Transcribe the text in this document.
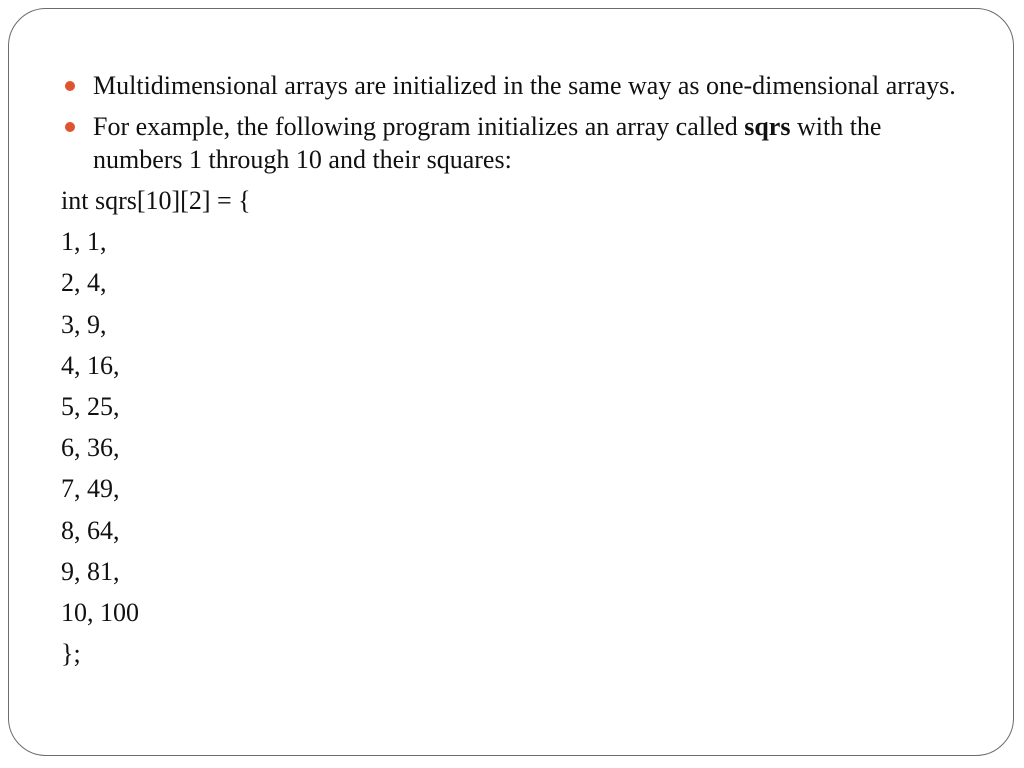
Multidimensional arrays are initialized in the same way as one-dimensional arrays.
For example, the following program initializes an array called sqrs with the numbers 1 through 10 and their squares:
int sqrs[10][2] = {
1, 1,
2, 4,
3, 9,
4, 16,
5, 25,
6, 36,
7, 49,
8, 64,
9, 81,
10, 100
};
